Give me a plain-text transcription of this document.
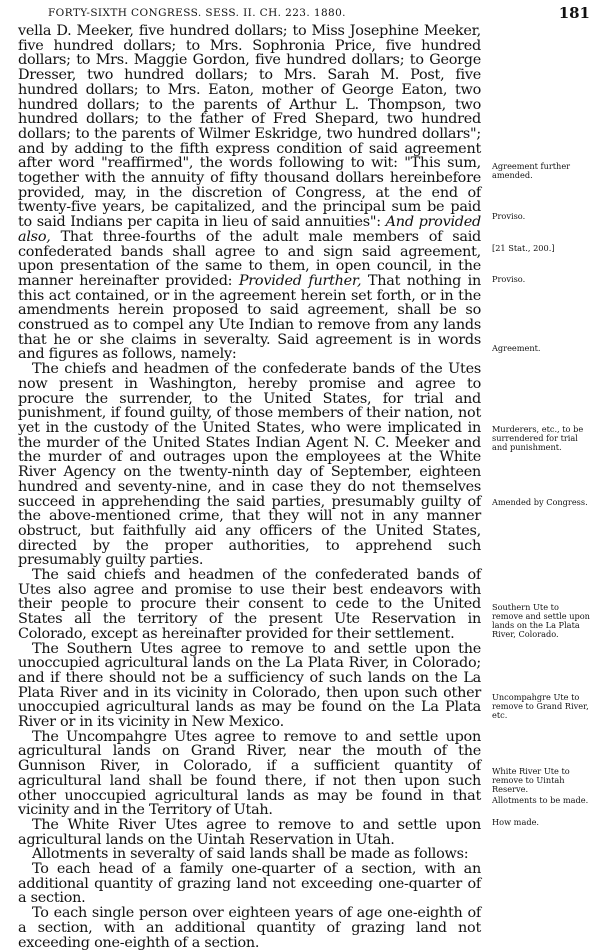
FORTY-SIXTH CONGRESS. SESS. II. CH. 223. 1880.	181

vella D. Meeker, five hundred dollars; to Miss Josephine Meeker, five hundred dollars; to Mrs. Sophronia Price, five hundred dollars; to Mrs. Maggie Gordon, five hundred dollars; to George Dresser, two hundred dollars; to Mrs. Sarah M. Post, five hundred dollars; to Mrs. Eaton, mother of George Eaton, two hundred dollars; to the parents of Arthur L. Thompson, two hundred dollars; to the father of Fred Shepard, two hundred dollars; to the parents of Wilmer Eskridge, two hundred dollars"; and by adding to the fifth express condition of said agreement after word "reaffirmed", the words following to wit: "This sum, together with the annuity of fifty thousand dollars hereinbefore provided, may, in the discretion of Congress, at the end of twenty-five years, be capitalized, and the principal sum be paid to said Indians per capita in lieu of said annuities": And provided also, That three-fourths of the adult male members of said confederated bands shall agree to and sign said agreement, upon presentation of the same to them, in open council, in the manner hereinafter provided: Provided further, That nothing in this act contained, or in the agreement herein set forth, or in the amendments herein proposed to said agreement, shall be so construed as to compel any Ute Indian to remove from any lands that he or she claims in severalty. Said agreement is in words and figures as follows, namely:

The chiefs and headmen of the confederate bands of the Utes now present in Washington, hereby promise and agree to procure the surrender, to the United States, for trial and punishment, if found guilty, of those members of their nation, not yet in the custody of the United States, who were implicated in the murder of the United States Indian Agent N. C. Meeker and the murder of and outrages upon the employees at the White River Agency on the twenty-ninth day of September, eighteen hundred and seventy-nine, and in case they do not themselves succeed in apprehending the said parties, presumably guilty of the above-mentioned crime, that they will not in any manner obstruct, but faithfully aid any officers of the United States, directed by the proper authorities, to apprehend such presumably guilty parties.

The said chiefs and headmen of the confederated bands of Utes also agree and promise to use their best endeavors with their people to procure their consent to cede to the United States all the territory of the present Ute Reservation in Colorado, except as hereinafter provided for their settlement.

The Southern Utes agree to remove to and settle upon the unoccupied agricultural lands on the La Plata River, in Colorado; and if there should not be a sufficiency of such lands on the La Plata River and in its vicinity in Colorado, then upon such other unoccupied agricultural lands as may be found on the La Plata River or in its vicinity in New Mexico.

The Uncompahgre Utes agree to remove to and settle upon agricultural lands on Grand River, near the mouth of the Gunnison River, in Colorado, if a sufficient quantity of agricultural land shall be found there, if not then upon such other unoccupied agricultural lands as may be found in that vicinity and in the Territory of Utah.

The White River Utes agree to remove to and settle upon agricultural lands on the Uintah Reservation in Utah.

Allotments in severalty of said lands shall be made as follows:

To each head of a family one-quarter of a section, with an additional quantity of grazing land not exceeding one-quarter of a section.

To each single person over eighteen years of age one-eighth of a section, with an additional quantity of grazing land not exceeding one-eighth of a section.

Agreement further amended.
Proviso.
[21 Stat., 200.]
Proviso.
Agreement.
Murderers, etc., to be surrendered for trial and punishment.
Amended by Congress.
Southern Ute to remove and settle upon lands on the La Plata River, Colorado.
Uncompahgre Ute to remove to Grand River, etc.
White River Ute to remove to Uintah Reserve.
Allotments to be made.
How made.
